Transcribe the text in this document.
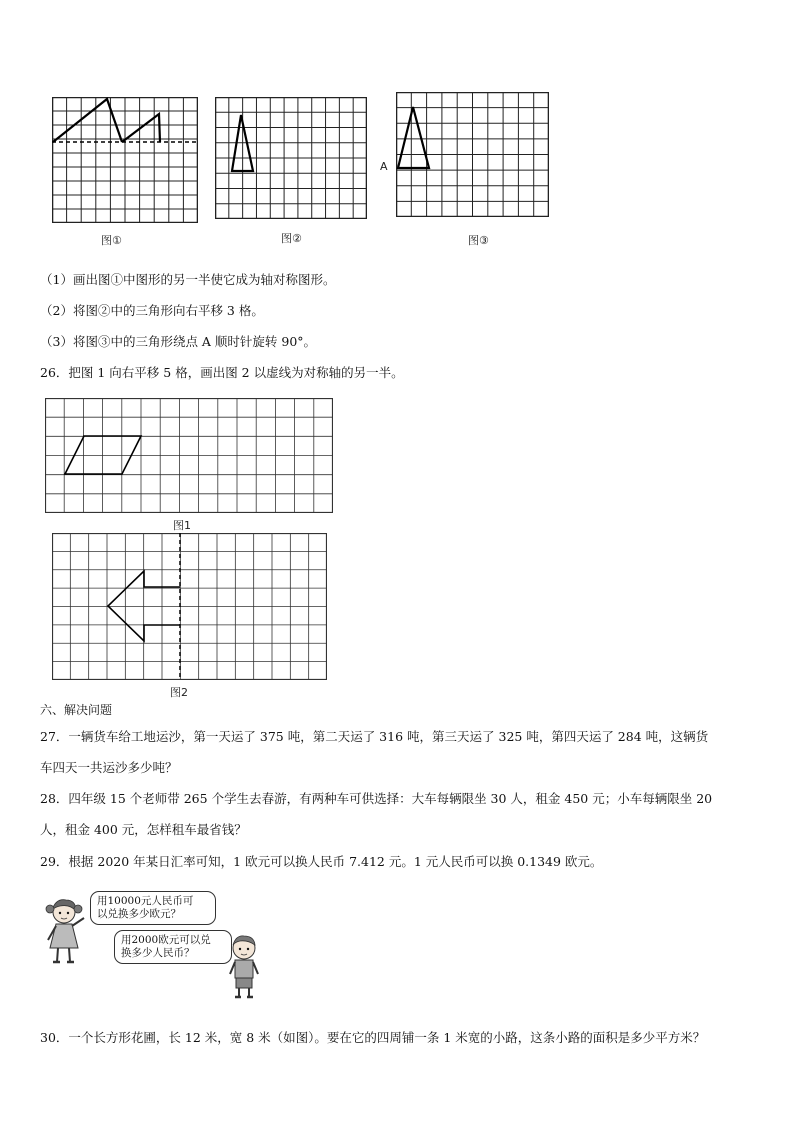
图①	图②
A
图③
（1）画出图①中图形的另一半使它成为轴对称图形。
（2）将图②中的三角形向右平移 3 格。
（3）将图③中的三角形绕点 A 顺时针旋转 90°。
26．把图 1 向右平移 5 格，画出图 2 以虚线为对称轴的另一半。
图1
图2
六、解决问题
27．一辆货车给工地运沙，第一天运了 375 吨，第二天运了 316 吨，第三天运了 325 吨，第四天运了 284 吨，这辆货
车四天一共运沙多少吨？
28．四年级 15 个老师带 265 个学生去春游，有两种车可供选择：大车每辆限坐 30 人，租金 450 元；小车每辆限坐 20
人，租金 400 元，怎样租车最省钱？
29．根据 2020 年某日汇率可知，1 欧元可以换人民币 7.412 元。1 元人民币可以换 0.1349 欧元。
用10000元人民币可
以兑换多少欧元？
用2000欧元可以兑
换多少人民币？
30．一个长方形花圃，长 12 米，宽 8 米（如图）。要在它的四周铺一条 1 米宽的小路，这条小路的面积是多少平方米？
